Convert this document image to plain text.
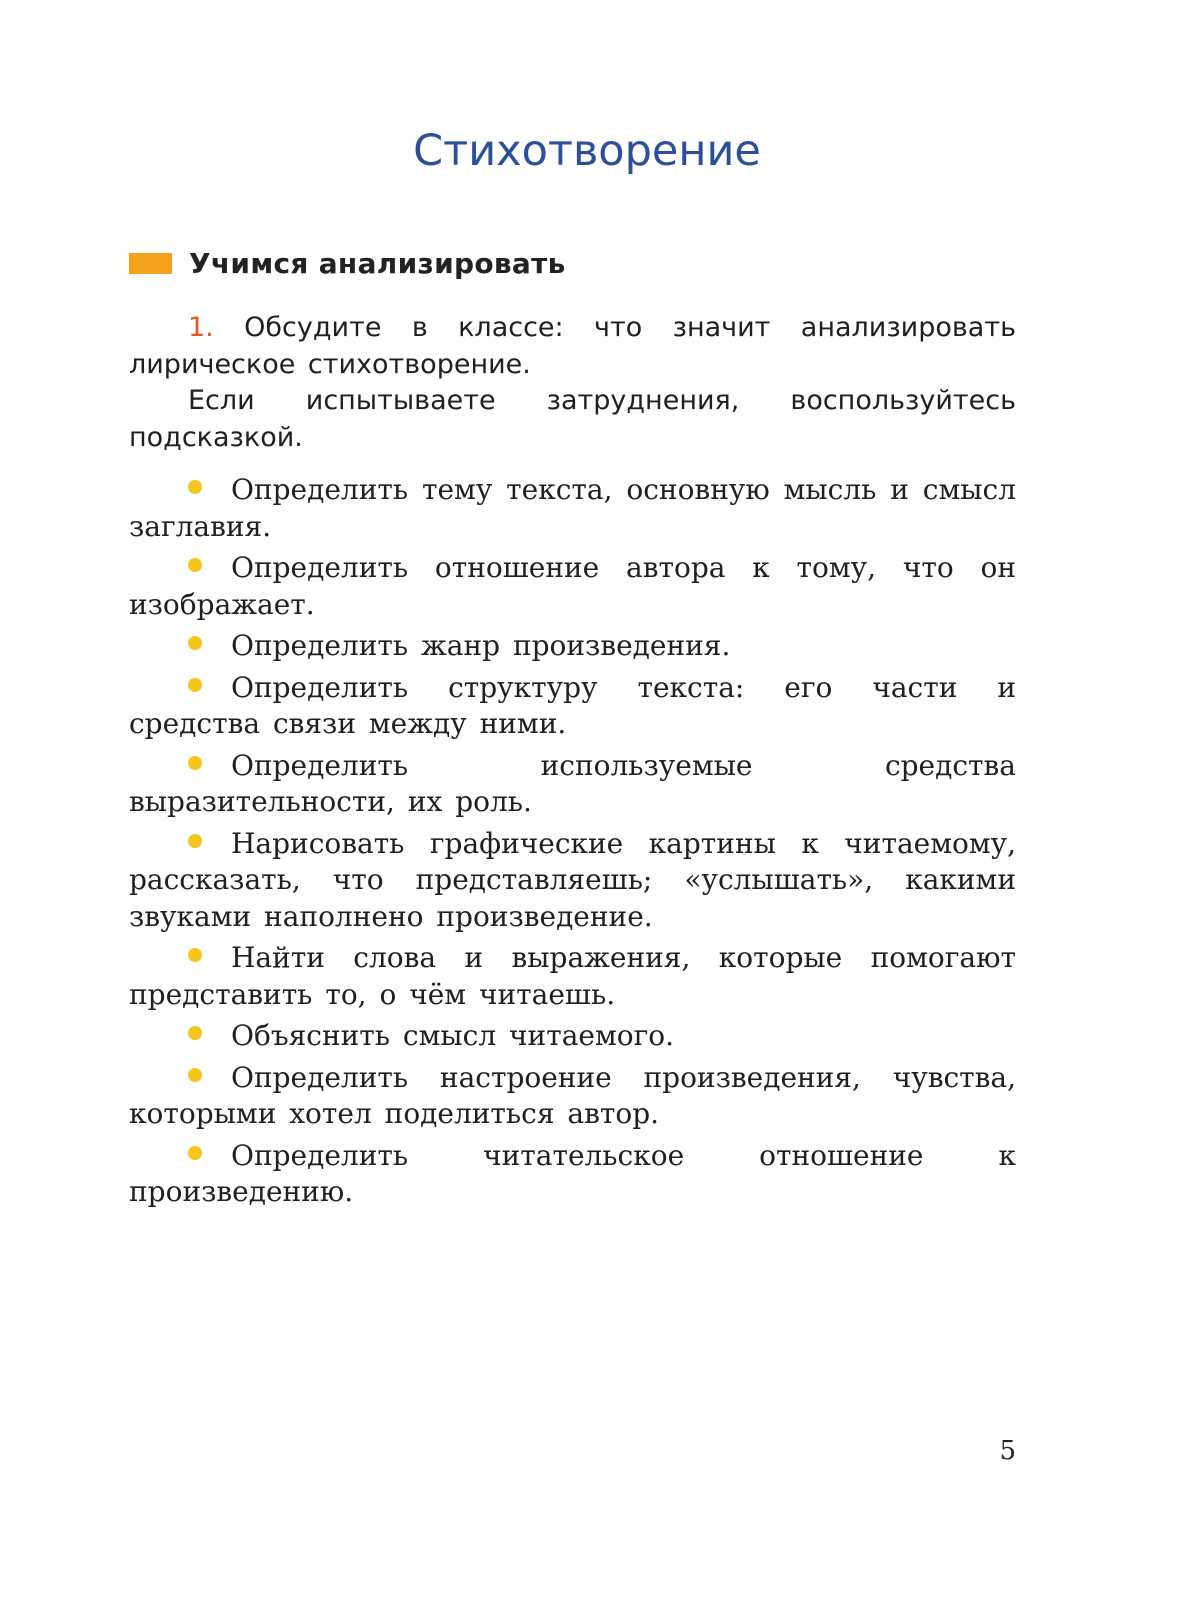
Стихотворение
Учимся анализировать

1. Обсудите в классе: что значит анализировать лирическое стихотворение.

Если испытываете затруднения, воспользуйтесь подсказкой.

Определить тему текста, основную мысль и смысл заглавия.

Определить отношение автора к тому, что он изображает.

Определить жанр произведения.

Определить структуру текста: его части и средства связи между ними.

Определить используемые средства выразительности, их роль.

Нарисовать графические картины к читаемому, рассказать, что представляешь; «услышать», какими звуками наполнено произведение.

Найти слова и выражения, которые помогают представить то, о чём читаешь.

Объяснить смысл читаемого.

Определить настроение произведения, чувства, которыми хотел поделиться автор.

Определить читательское отношение к произведению.

5
